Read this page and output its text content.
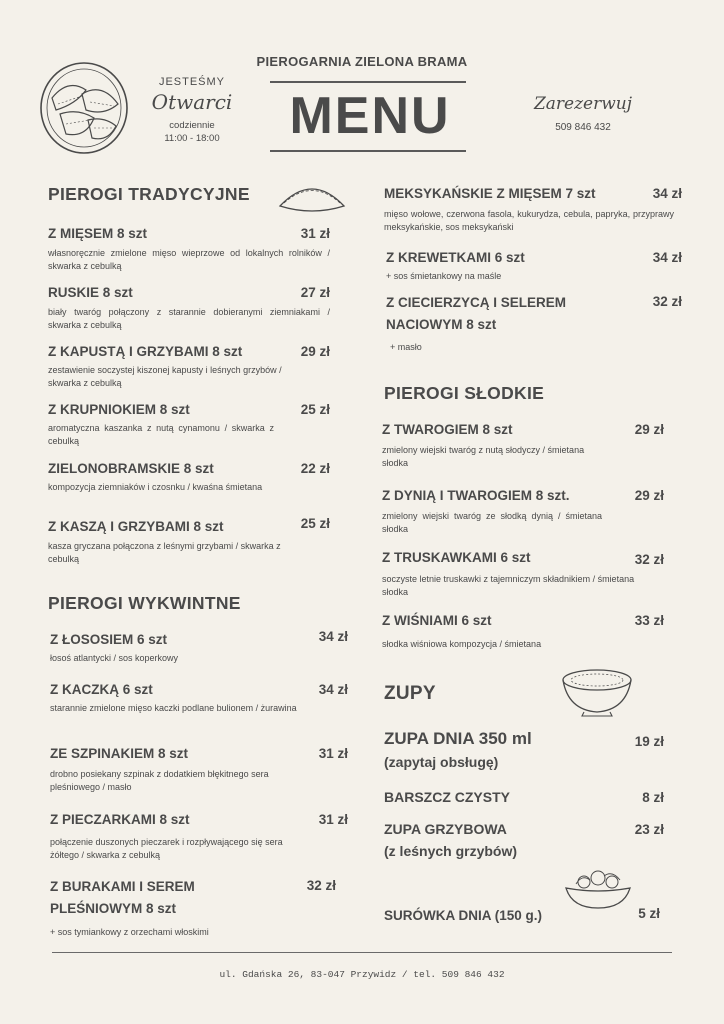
JESTEŚMY
Otwarci
codziennie
11:00 - 18:00
PIEROGARNIA ZIELONA BRAMA
MENU	Zarezerwuj
509 846 432
PIEROGI TRADYCYJNE
Z MIĘSEM 8 szt	31 zł
własnoręcznie zmielone mięso wieprzowe od lokalnych rolników / skwarka z cebulką
RUSKIE 8 szt	27 zł
biały twaróg połączony z starannie dobieranymi ziemniakami / skwarka z cebulką
Z KAPUSTĄ I GRZYBAMI 8 szt	29 zł
zestawienie soczystej kiszonej kapusty i leśnych grzybów / skwarka z cebulką
Z KRUPNIOKIEM 8 szt	25 zł
aromatyczna kaszanka z nutą cynamonu / skwarka z cebulką
ZIELONOBRAMSKIE 8 szt	22 zł
kompozycja ziemniaków i czosnku / kwaśna śmietana
Z KASZĄ I GRZYBAMI 8 szt	25 zł
kasza gryczana połączona z leśnymi grzybami / skwarka z cebulką
PIEROGI WYKWINTNE
Z ŁOSOSIEM 6 szt	34 zł
łosoś atlantycki / sos koperkowy
Z KACZKĄ 6 szt	34 zł
starannie zmielone mięso kaczki podlane bulionem / żurawina
ZE SZPINAKIEM 8 szt	31 zł
drobno posiekany szpinak z dodatkiem błękitnego sera pleśniowego / masło
Z PIECZARKAMI 8 szt	31 zł
połączenie duszonych pieczarek i rozpływającego się sera żółtego / skwarka z cebulką
Z BURAKAMI I SEREM PLEŚNIOWYM 8 szt
32 zł
+ sos tymiankowy z orzechami włoskimi
MEKSYKAŃSKIE Z MIĘSEM 7 szt	34 zł
mięso wołowe, czerwona fasola, kukurydza, cebula, papryka, przyprawy meksykańskie, sos meksykański
Z KREWETKAMI 6 szt	34 zł
+ sos śmietankowy na maśle
Z CIECIERZYCĄ I SELEREM NACIOWYM 8 szt
32 zł
+ masło
PIEROGI SŁODKIE
Z TWAROGIEM 8 szt	29 zł
zmielony wiejski twaróg z nutą słodyczy / śmietana słodka
Z DYNIĄ I TWAROGIEM 8 szt.	29 zł
zmielony wiejski twaróg ze słodką dynią / śmietana słodka
Z TRUSKAWKAMI 6 szt	32 zł
soczyste letnie truskawki z tajemniczym składnikiem / śmietana słodka
Z WIŚNIAMI 6 szt	33 zł
słodka wiśniowa kompozycja / śmietana
ZUPY
ZUPA DNIA 350 ml
(zapytaj obsługę)
19 zł
BARSZCZ CZYSTY	8 zł
ZUPA GRZYBOWA
(z leśnych grzybów)
23 zł
SURÓWKA DNIA (150 g.)	5 zł
ul. Gdańska 26, 83-047 Przywidz / tel. 509 846 432
